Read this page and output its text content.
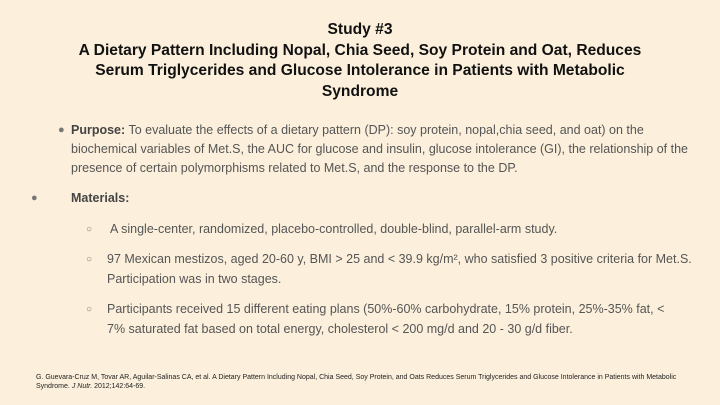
Study #3
A Dietary Pattern Including Nopal, Chia Seed, Soy Protein and Oat, Reduces
Serum Triglycerides and Glucose Intolerance in Patients with Metabolic
Syndrome
● Purpose: To evaluate the effects of a dietary pattern (DP): soy protein, nopal,chia seed, and oat) on the biochemical variables of Met.S, the AUC for glucose and insulin, glucose intolerance (GI), the relationship of the presence of certain polymorphisms related to Met.S, and the response to the DP.
●	Materials:
○ A single-center, randomized, placebo-controlled, double-blind, parallel-arm study.
○ 97 Mexican mestizos, aged 20-60 y, BMI > 25 and < 39.9 kg/m², who satisfied 3 positive criteria for Met.S. Participation was in two stages.
○ Participants received 15 different eating plans (50%-60% carbohydrate, 15% protein, 25%-35% fat, < 7% saturated fat based on total energy, cholesterol < 200 mg/d and 20 - 30 g/d fiber.
G. Guevara-Cruz M, Tovar AR, Aguilar-Salinas CA, et al. A Dietary Pattern Including Nopal, Chia Seed, Soy Protein, and Oats Reduces Serum Triglycerides and Glucose Intolerance in Patients with Metabolic Syndrome. J Nutr. 2012;142:64-69.
